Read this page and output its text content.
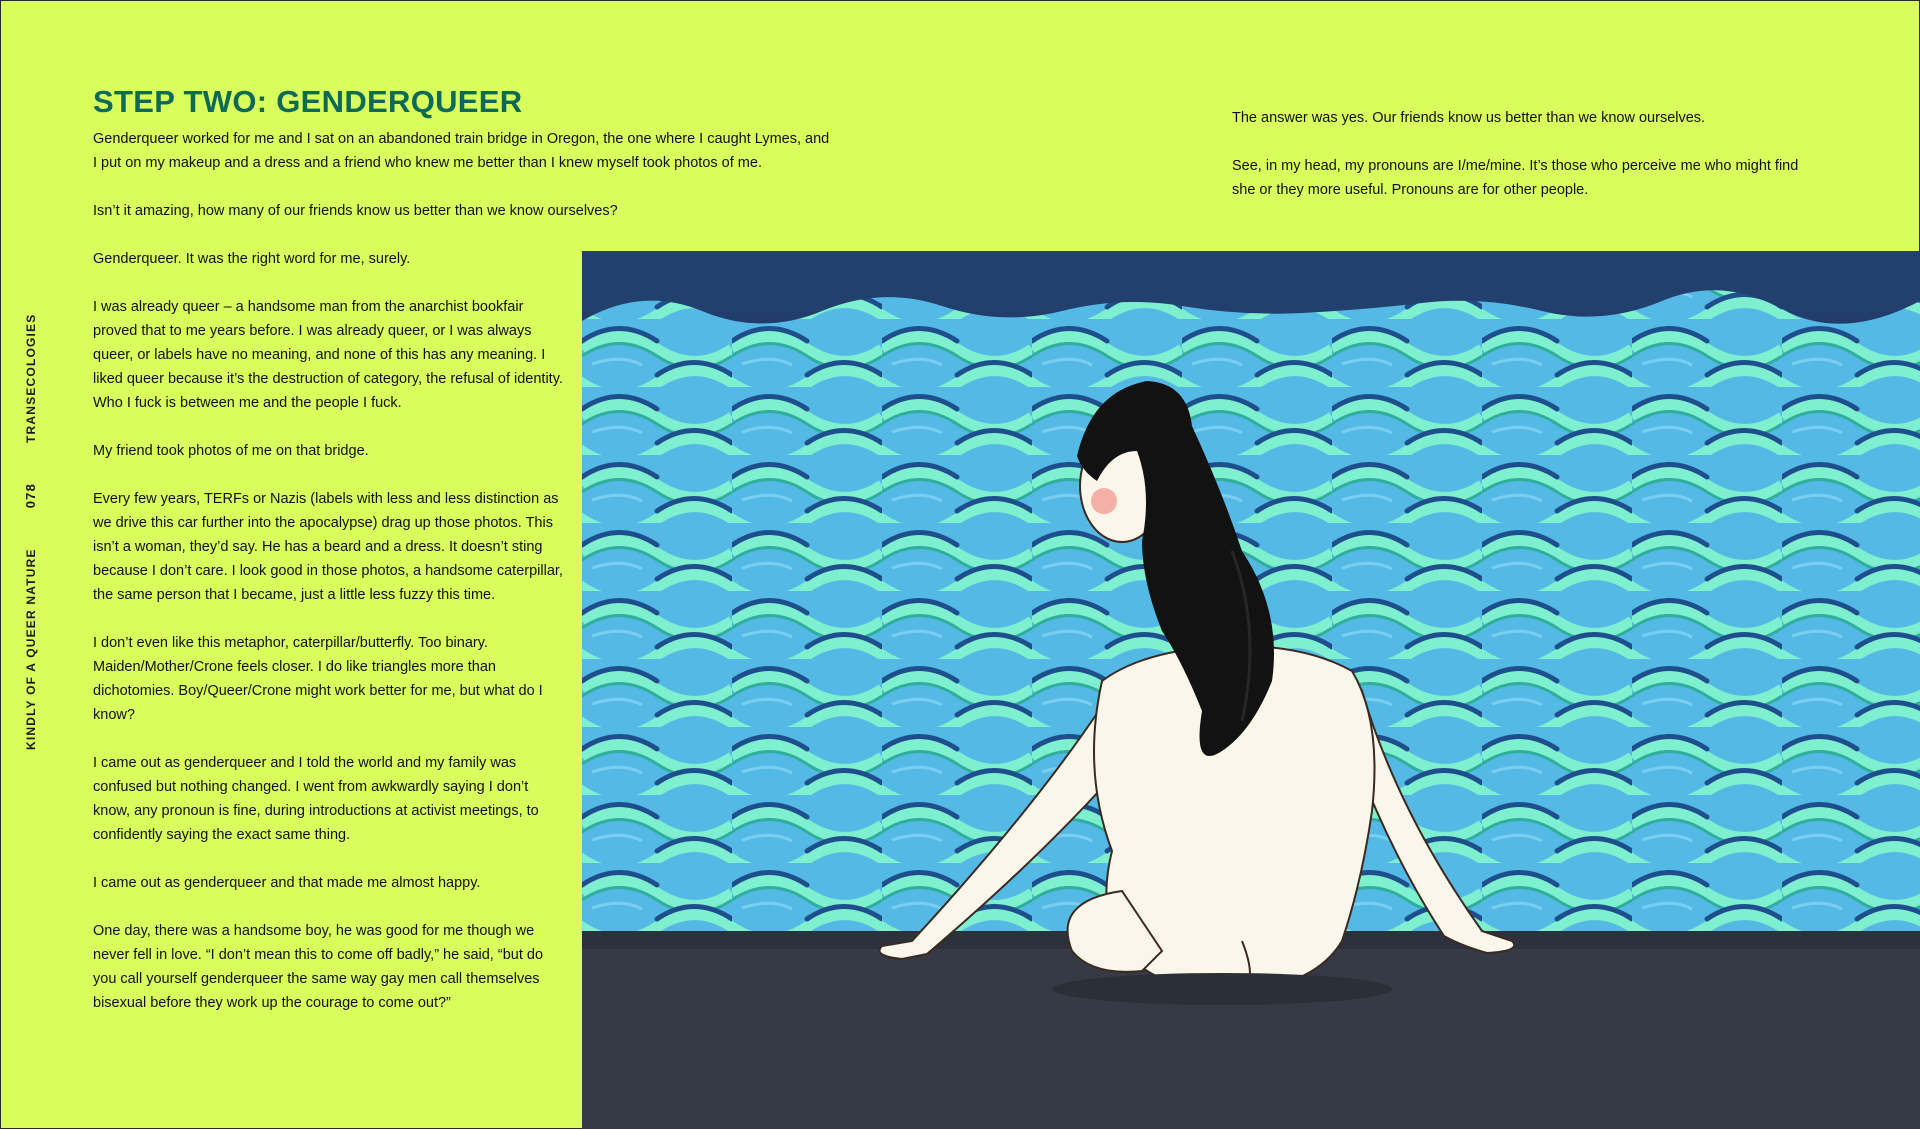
KINDLY OF A QUEER NATURE
078
TRANSECOLOGIES
STEP TWO: GENDERQUEER

Genderqueer worked for me and I sat on an abandoned train bridge in Oregon, the one where I caught Lymes, and I put on my makeup and a dress and a friend who knew me better than I knew myself took photos of me.

Isn’t it amazing, how many of our friends know us better than we know ourselves?

Genderqueer. It was the right word for me, surely.

I was already queer – a handsome man from the anarchist bookfair proved that to me years before. I was already queer, or I was always queer, or labels have no meaning, and none of this has any meaning. I liked queer because it’s the destruction of category, the refusal of identity. Who I fuck is between me and the people I fuck.

My friend took photos of me on that bridge.

Every few years, TERFs or Nazis (labels with less and less distinction as we drive this car further into the apocalypse) drag up those photos. This isn’t a woman, they’d say. He has a beard and a dress. It doesn’t sting because I don’t care. I look good in those photos, a handsome caterpillar, the same person that I became, just a little less fuzzy this time.

I don’t even like this metaphor, caterpillar/butterfly. Too binary. Maiden/Mother/Crone feels closer. I do like triangles more than dichotomies. Boy/Queer/Crone might work better for me, but what do I know?

I came out as genderqueer and I told the world and my family was confused but nothing changed. I went from awkwardly saying I don’t know, any pronoun is fine, during introductions at activist meetings, to confidently saying the exact same thing.

I came out as genderqueer and that made me almost happy.

One day, there was a handsome boy, he was good for me though we never fell in love. “I don’t mean this to come off badly,” he said, “but do you call yourself genderqueer the same way gay men call themselves bisexual before they work up the courage to come out?”

The answer was yes. Our friends know us better than we know ourselves.

See, in my head, my pronouns are I/me/mine. It’s those who perceive me who might find she or they more useful. Pronouns are for other people.
